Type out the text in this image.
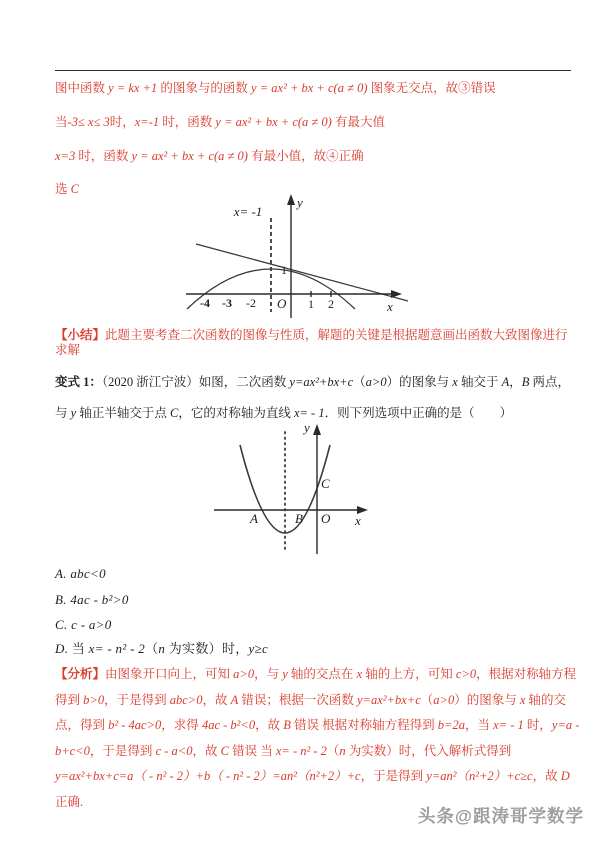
图中函数 y = kx +1 的图象与的函数 y = ax² + bx + c(a ≠ 0) 图象无交点，故③错误

当-3≤ x≤ 3时，x=-1 时，函数 y = ax² + bx + c(a ≠ 0) 有最大值

x=3 时，函数 y = ax² + bx + c(a ≠ 0) 有最小值，故④正确

选 C

x= -1
y
x
O
1
-4 -3 -2	1 2

【小结】此题主要考查二次函数的图像与性质，解题的关键是根据题意画出函数大致图像进行求解

变式 1：（2020 浙江宁波）如图，二次函数 y=ax²+bx+c（a>0）的图象与 x 轴交于 A，B 两点，与 y 轴正半轴交于点 C，它的对称轴为直线 x= - 1．则下列选项中正确的是（　　）

y
x
O
A	B
C

A. abc<0

B. 4ac - b²>0

C. c - a>0

D. 当 x= - n² - 2（n 为实数）时，y≥c

【分析】由图象开口向上，可知 a>0，与 y 轴的交点在 x 轴的上方，可知 c>0，根据对称轴方程得到 b>0，于是得到 abc>0，故 A 错误；根据一次函数 y=ax²+bx+c（a>0）的图象与 x 轴的交点，得到 b² - 4ac>0，求得 4ac - b²<0，故 B 错误 根据对称轴方程得到 b=2a，当 x= - 1 时，y=a - b+c<0，于是得到 c - a<0，故 C 错误 当 x= - n² - 2（n 为实数）时，代入解析式得到 y=ax²+bx+c=a（ - n² - 2）+b（ - n² - 2）=an²（n²+2）+c，于是得到 y=an²（n²+2）+c≥c，故 D 正确.

头条@跟涛哥学数学
